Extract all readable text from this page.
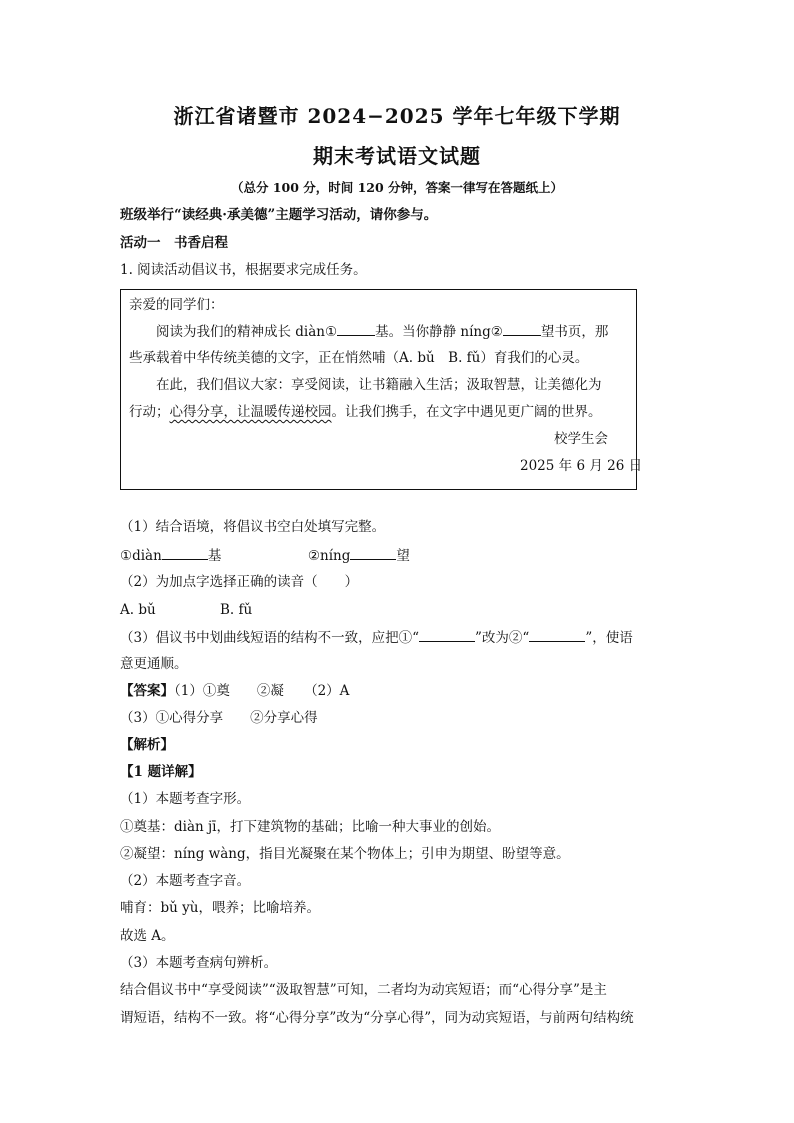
浙江省诸暨市 2024−2025 学年七年级下学期
期末考试语文试题
（总分 100 分，时间 120 分钟，答案一律写在答题纸上）
班级举行“读经典·承美德”主题学习活动，请你参与。
活动一　书香启程
1. 阅读活动倡议书，根据要求完成任务。
亲爱的同学们：
阅读为我们的精神成长 diàn①	基。当你静静 níng②	望书页，那
些承载着中华传统美德的文字，正在悄然哺（A. bǔ　B. fǔ）育我们的心灵。
在此，我们倡议大家：享受阅读，让书籍融入生活；汲取智慧，让美德化为
行动；心得分享，让温暖传递校园。让我们携手，在文字中遇见更广阔的世界。
校学生会
2025 年 6 月 26 日
（1）结合语境，将倡议书空白处填写完整。
①diàn	基	②níng	望
（2）为加点字选择正确的读音（　　）
A. bǔ	B. fǔ
（3）倡议书中划曲线短语的结构不一致，应把①“	”改为②“	”，使语
意更通顺。
【答案】（1）①奠　　②凝　　（2）A
（3）①心得分享　　②分享心得
【解析】
【1 题详解】
（1）本题考查字形。
①奠基：diàn jī，打下建筑物的基础；比喻一种大事业的创始。
②凝望：níng wàng，指目光凝聚在某个物体上；引申为期望、盼望等意。
（2）本题考查字音。
哺育：bǔ yù，喂养；比喻培养。
故选 A。
（3）本题考查病句辨析。
结合倡议书中“享受阅读”“汲取智慧”可知，二者均为动宾短语；而“心得分享”是主
谓短语，结构不一致。将“心得分享”改为“分享心得”，同为动宾短语，与前两句结构统
